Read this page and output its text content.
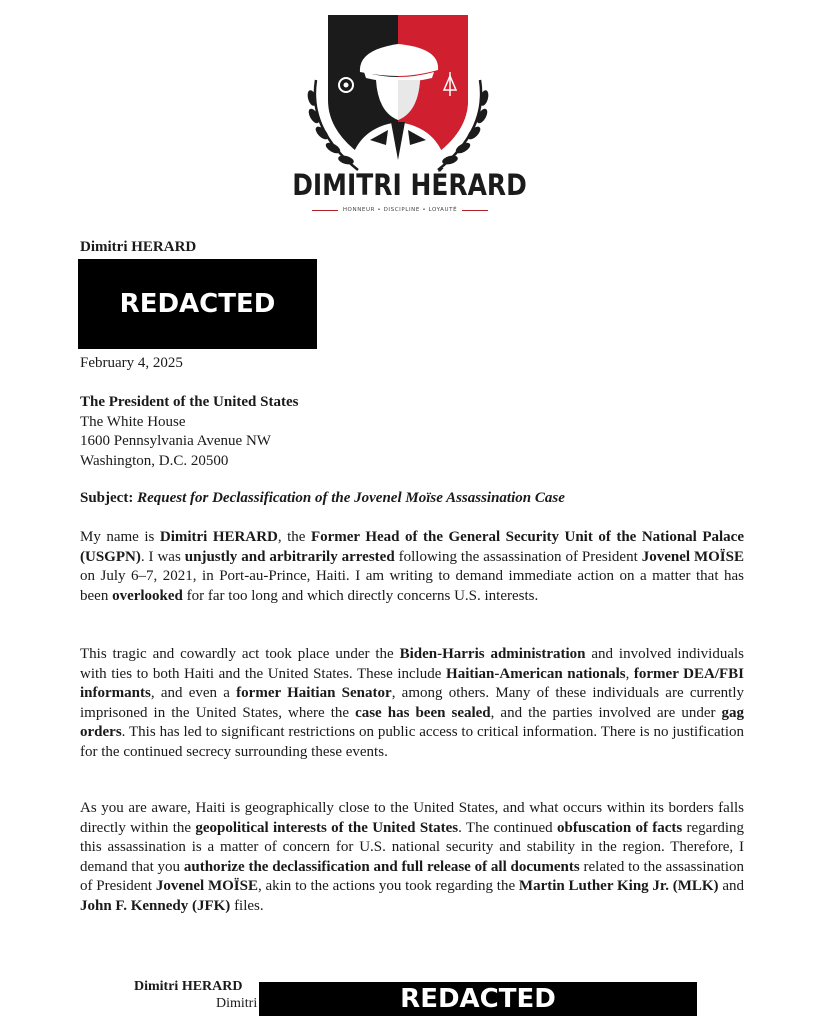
DIMITRI HÉRARD
HONNEUR • DISCIPLINE • LOYAUTÉ
Dimitri HERARD
REDACTED
February 4, 2025
The President of the United States
The White House
1600 Pennsylvania Avenue NW
Washington, D.C. 20500
Subject: Request for Declassification of the Jovenel Moïse Assassination Case

My name is Dimitri HERARD, the Former Head of the General Security Unit of the National Palace (USGPN). I was unjustly and arbitrarily arrested following the assassination of President Jovenel MOÏSE on July 6–7, 2021, in Port-au-Prince, Haiti. I am writing to demand immediate action on a matter that has been overlooked for far too long and which directly concerns U.S. interests.

This tragic and cowardly act took place under the Biden-Harris administration and involved individuals with ties to both Haiti and the United States. These include Haitian-American nationals, former DEA/FBI informants, and even a former Haitian Senator, among others. Many of these individuals are currently imprisoned in the United States, where the case has been sealed, and the parties involved are under gag orders. This has led to significant restrictions on public access to critical information. There is no justification for the continued secrecy surrounding these events.

As you are aware, Haiti is geographically close to the United States, and what occurs within its borders falls directly within the geopolitical interests of the United States. The continued obfuscation of facts regarding this assassination is a matter of concern for U.S. national security and stability in the region. Therefore, I demand that you authorize the declassification and full release of all documents related to the assassination of President Jovenel MOÏSE, akin to the actions you took regarding the Martin Luther King Jr. (MLK) and John F. Kennedy (JFK) files.

Dimitri HERARD
Dimitri	REDACTED
